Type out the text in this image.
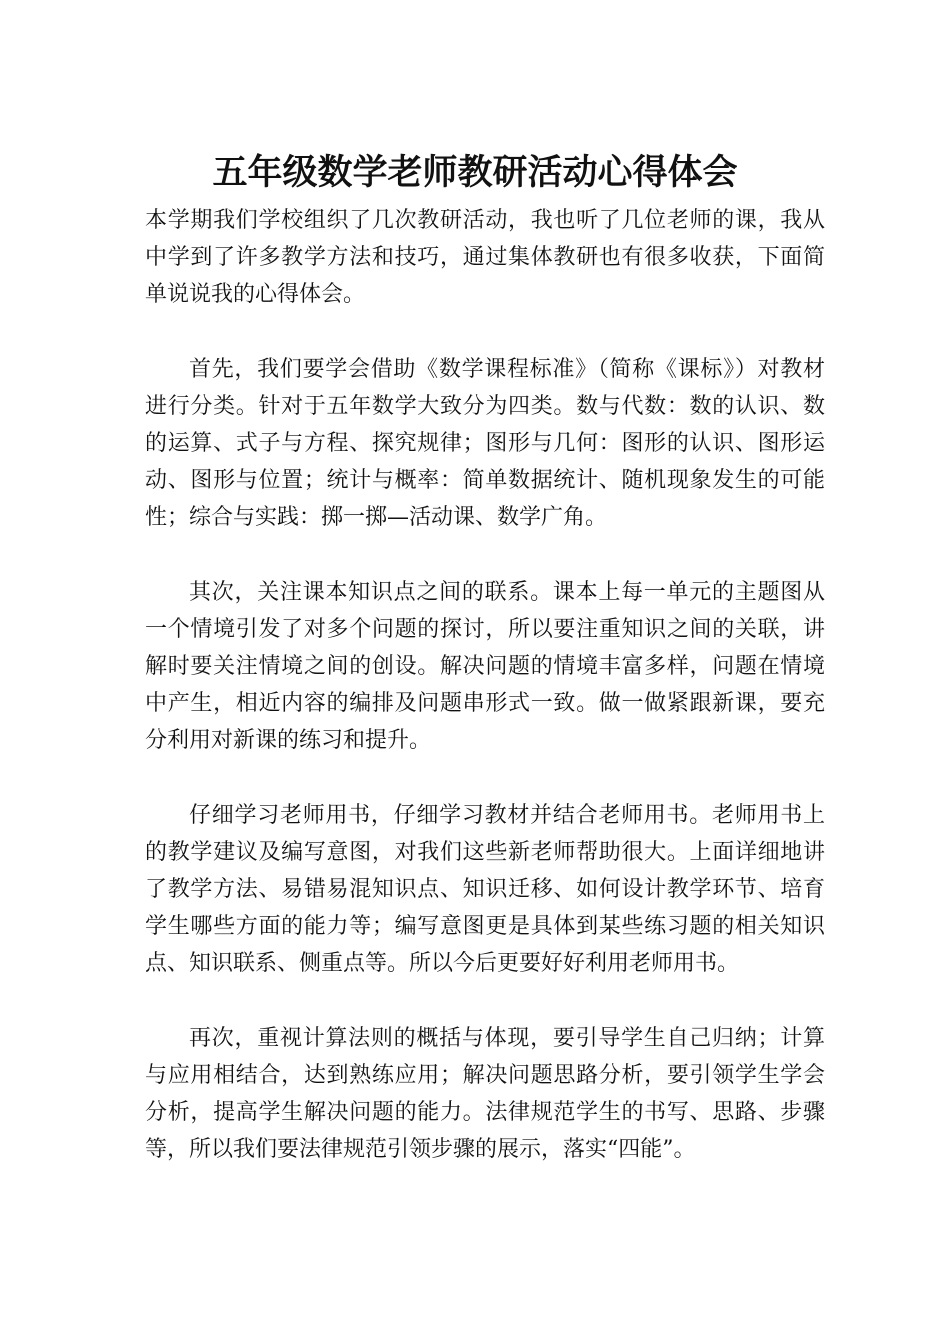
五年级数学老师教研活动心得体会

本学期我们学校组织了几次教研活动，我也听了几位老师的课，我从中学到了许多教学方法和技巧，通过集体教研也有很多收获，下面简单说说我的心得体会。

首先，我们要学会借助《数学课程标准》（简称《课标》）对教材进行分类。针对于五年数学大致分为四类。数与代数：数的认识、数的运算、式子与方程、探究规律；图形与几何：图形的认识、图形运动、图形与位置；统计与概率：简单数据统计、随机现象发生的可能性；综合与实践：掷一掷—活动课、数学广角。

其次，关注课本知识点之间的联系。课本上每一单元的主题图从一个情境引发了对多个问题的探讨，所以要注重知识之间的关联，讲解时要关注情境之间的创设。解决问题的情境丰富多样，问题在情境中产生，相近内容的编排及问题串形式一致。做一做紧跟新课，要充分利用对新课的练习和提升。

仔细学习老师用书，仔细学习教材并结合老师用书。老师用书上的教学建议及编写意图，对我们这些新老师帮助很大。上面详细地讲了教学方法、易错易混知识点、知识迁移、如何设计教学环节、培育学生哪些方面的能力等；编写意图更是具体到某些练习题的相关知识点、知识联系、侧重点等。所以今后更要好好利用老师用书。

再次，重视计算法则的概括与体现，要引导学生自己归纳；计算与应用相结合，达到熟练应用；解决问题思路分析，要引领学生学会分析，提高学生解决问题的能力。法律规范学生的书写、思路、步骤等，所以我们要法律规范引领步骤的展示，落实“四能”。
